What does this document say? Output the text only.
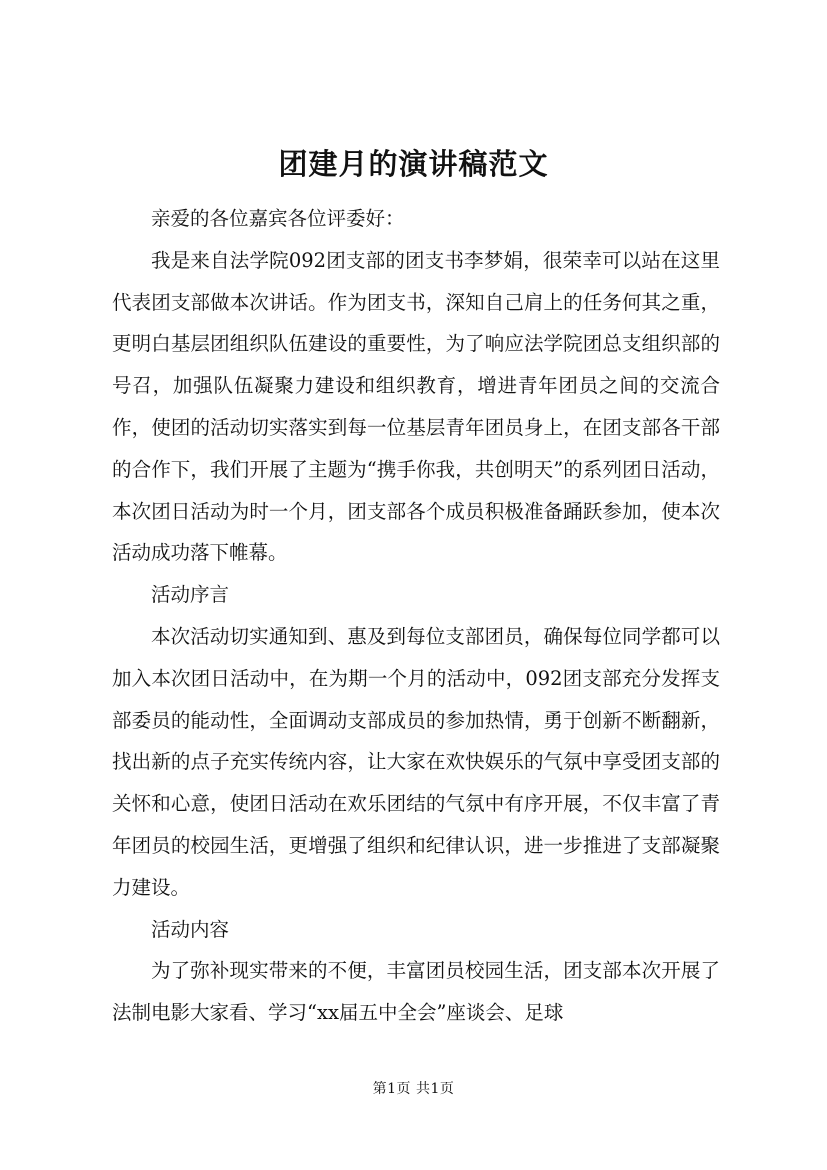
团建月的演讲稿范文

亲爱的各位嘉宾各位评委好：

我是来自法学院092团支部的团支书李梦娟，很荣幸可以站在这里代表团支部做本次讲话。作为团支书，深知自己肩上的任务何其之重，更明白基层团组织队伍建设的重要性，为了响应法学院团总支组织部的号召，加强队伍凝聚力建设和组织教育，增进青年团员之间的交流合作，使团的活动切实落实到每一位基层青年团员身上，在团支部各干部的合作下，我们开展了主题为“携手你我，共创明天”的系列团日活动，本次团日活动为时一个月，团支部各个成员积极准备踊跃参加，使本次活动成功落下帷幕。

活动序言

本次活动切实通知到、惠及到每位支部团员，确保每位同学都可以加入本次团日活动中，在为期一个月的活动中，092团支部充分发挥支部委员的能动性，全面调动支部成员的参加热情，勇于创新不断翻新，找出新的点子充实传统内容，让大家在欢快娱乐的气氛中享受团支部的关怀和心意，使团日活动在欢乐团结的气氛中有序开展，不仅丰富了青年团员的校园生活，更增强了组织和纪律认识，进一步推进了支部凝聚力建设。

活动内容

为了弥补现实带来的不便，丰富团员校园生活，团支部本次开展了法制电影大家看、学习“xx届五中全会”座谈会、足球

第1页 共1页
